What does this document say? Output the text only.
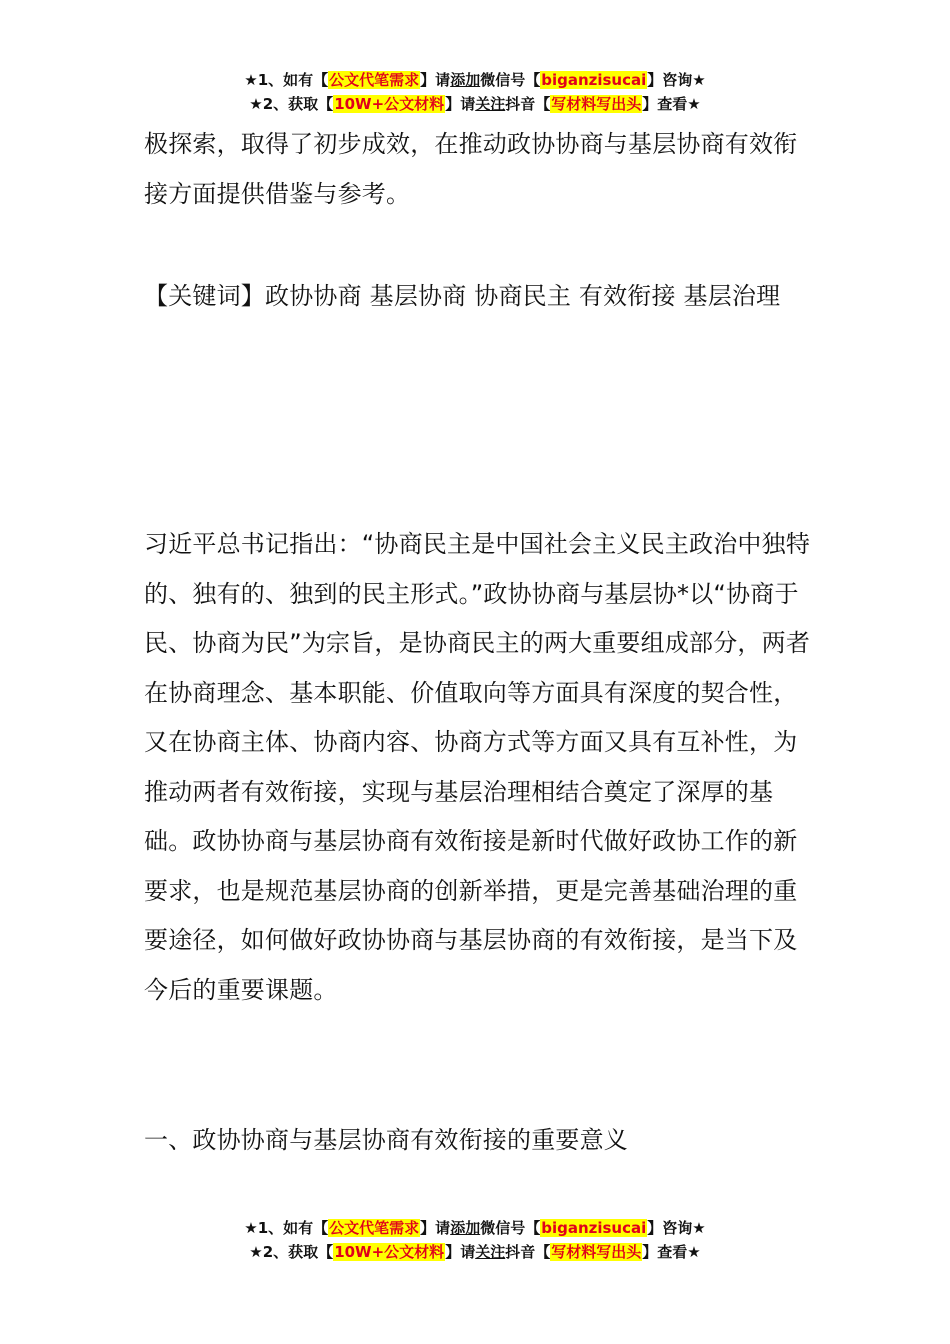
★1、如有【公文代笔需求】请添加微信号【biganzisucai】咨询★
★2、获取【10W+公文材料】请关注抖音【写材料写出头】查看★
极探索，取得了初步成效，在推动政协协商与基层协商有效衔接方面提供借鉴与参考。
【关键词】政协协商 基层协商 协商民主 有效衔接 基层治理
习近平总书记指出：“协商民主是中国社会主义民主政治中独特的、独有的、独到的民主形式。”政协协商与基层协*以“协商于民、协商为民”为宗旨，是协商民主的两大重要组成部分，两者在协商理念、基本职能、价值取向等方面具有深度的契合性，又在协商主体、协商内容、协商方式等方面又具有互补性，为推动两者有效衔接，实现与基层治理相结合奠定了深厚的基础。政协协商与基层协商有效衔接是新时代做好政协工作的新要求，也是规范基层协商的创新举措，更是完善基础治理的重要途径，如何做好政协协商与基层协商的有效衔接，是当下及今后的重要课题。
一、政协协商与基层协商有效衔接的重要意义
★1、如有【公文代笔需求】请添加微信号【biganzisucai】咨询★
★2、获取【10W+公文材料】请关注抖音【写材料写出头】查看★
